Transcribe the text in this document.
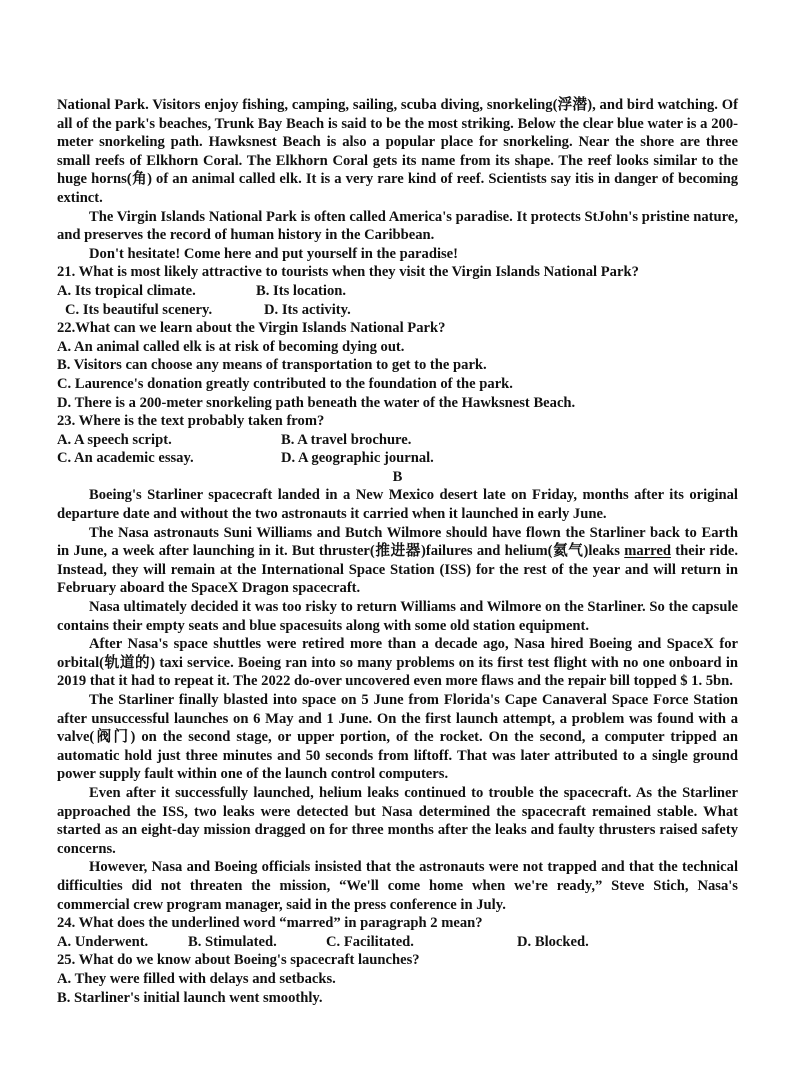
National Park. Visitors enjoy fishing, camping, sailing, scuba diving, snorkeling(浮潜), and bird watching. Of all of the park's beaches, Trunk Bay Beach is said to be the most striking. Below the clear blue water is a 200-meter snorkeling path. Hawksnest Beach is also a popular place for snorkeling. Near the shore are three small reefs of Elkhorn Coral. The Elkhorn Coral gets its name from its shape. The reef looks similar to the huge horns(角) of an animal called elk. It is a very rare kind of reef. Scientists say itis in danger of becoming extinct.

The Virgin Islands National Park is often called America's paradise. It protects StJohn's pristine nature, and preserves the record of human history in the Caribbean.

Don't hesitate! Come here and put yourself in the paradise!

21. What is most likely attractive to tourists when they visit the Virgin Islands National Park?
A. Its tropical climate.	B. Its location.
C. Its beautiful scenery.	D. Its activity.
22.What can we learn about the Virgin Islands National Park?
A. An animal called elk is at risk of becoming dying out.
B. Visitors can choose any means of transportation to get to the park.
C. Laurence's donation greatly contributed to the foundation of the park.
D. There is a 200-meter snorkeling path beneath the water of the Hawksnest Beach.
23. Where is the text probably taken from?
A. A speech script.	B. A travel brochure.
C. An academic essay.	D. A geographic journal.
B

Boeing's Starliner spacecraft landed in a New Mexico desert late on Friday, months after its original departure date and without the two astronauts it carried when it launched in early June.

The Nasa astronauts Suni Williams and Butch Wilmore should have flown the Starliner back to Earth in June, a week after launching in it. But thruster(推进器)failures and helium(氦气)leaks marred their ride. Instead, they will remain at the International Space Station (ISS) for the rest of the year and will return in February aboard the SpaceX Dragon spacecraft.

Nasa ultimately decided it was too risky to return Williams and Wilmore on the Starliner. So the capsule contains their empty seats and blue spacesuits along with some old station equipment.

After Nasa's space shuttles were retired more than a decade ago, Nasa hired Boeing and SpaceX for orbital(轨道的) taxi service. Boeing ran into so many problems on its first test flight with no one onboard in 2019 that it had to repeat it. The 2022 do-over uncovered even more flaws and the repair bill topped $ 1. 5bn.

The Starliner finally blasted into space on 5 June from Florida's Cape Canaveral Space Force Station after unsuccessful launches on 6 May and 1 June. On the first launch attempt, a problem was found with a valve(阀门) on the second stage, or upper portion, of the rocket. On the second, a computer tripped an automatic hold just three minutes and 50 seconds from liftoff. That was later attributed to a single ground power supply fault within one of the launch control computers.

Even after it successfully launched, helium leaks continued to trouble the spacecraft. As the Starliner approached the ISS, two leaks were detected but Nasa determined the spacecraft remained stable. What started as an eight-day mission dragged on for three months after the leaks and faulty thrusters raised safety concerns.

However, Nasa and Boeing officials insisted that the astronauts were not trapped and that the technical difficulties did not threaten the mission, “We'll come home when we're ready,” Steve Stich, Nasa's commercial crew program manager, said in the press conference in July.

24. What does the underlined word “marred” in paragraph 2 mean?
A. Underwent.	B. Stimulated.	C. Facilitated.	D. Blocked.
25. What do we know about Boeing's spacecraft launches?
A. They were filled with delays and setbacks.
B. Starliner's initial launch went smoothly.
